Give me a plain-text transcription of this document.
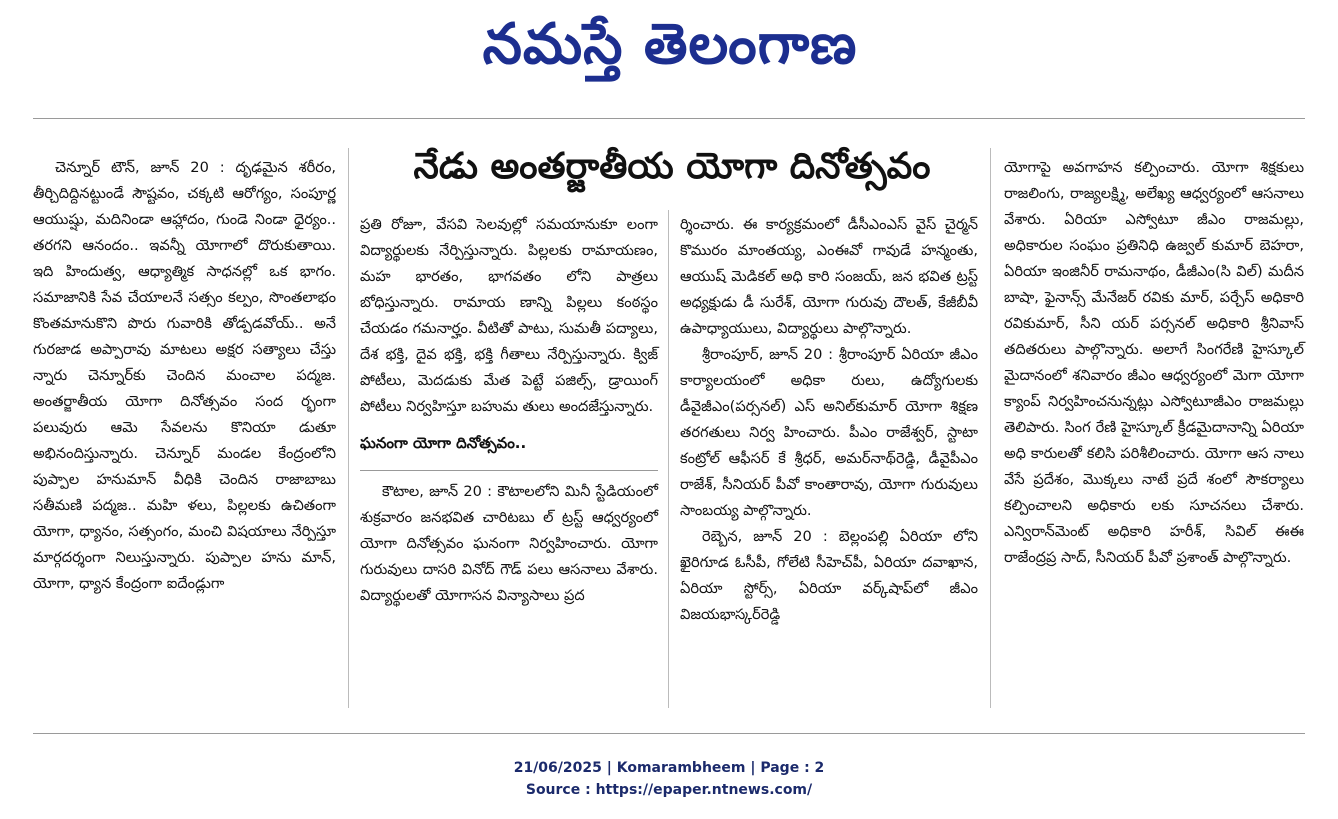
నమస్తే తెలంగాణ

చెన్నూర్ టౌన్, జూన్ 20 : దృఢమైన శరీరం, తీర్చిదిద్దినట్టుండే సౌష్టవం, చక్కటి ఆరోగ్యం, సంపూర్ణ ఆయుష్షు, మదినిండా ఆహ్లాదం, గుండె నిండా ధైర్యం.. తరగని ఆనందం.. ఇవన్నీ యోగాలో దొరుకుతాయి. ఇది హిందుత్వ, ఆధ్యాత్మిక సాధనల్లో ఒక భాగం. సమాజానికి సేవ చేయాలనే సత్సం కల్పం, సొంతలాభం కొంతమానుకొని పొరు గువారికి తోడ్పడవోయ్.. అనే గురజాడ అప్పారావు మాటలు అక్షర సత్యాలు చేస్తు న్నారు చెన్నూర్‌కు చెందిన మంచాల పద్మజ. అంతర్జాతీయ యోగా దినోత్సవం సంద ర్భంగా పలువురు ఆమె సేవలను కొనియా డుతూ అభినందిస్తున్నారు. చెన్నూర్ మండల కేంద్రంలోని పుప్పాల హనుమాన్ వీధికి చెందిన రాజాబాబు సతీమణి పద్మజ.. మహి ళలు, పిల్లలకు ఉచితంగా యోగా, ధ్యానం, సత్సంగం, మంచి విషయాలు నేర్పిస్తూ మార్గదర్శంగా నిలుస్తున్నారు. పుప్పాల హను మాన్, యోగా, ధ్యాన కేంద్రంగా ఐదేండ్లుగా

నేడు అంతర్జాతీయ యోగా దినోత్సవం

ప్రతి రోజూ, వేసవి సెలవుల్లో సమయానుకూ లంగా విద్యార్థులకు నేర్పిస్తున్నారు. పిల్లలకు రామాయణం, మహ భారతం, భాగవతం లోని పాత్రలు బోధిస్తున్నారు. రామాయ ణాన్ని పిల్లలు కంఠస్థం చేయడం గమనార్హం. వీటితో పాటు, సుమతీ పద్యాలు, దేశ భక్తి, దైవ భక్తి, భక్తి గీతాలు నేర్పిస్తున్నారు. క్విజ్ పోటీలు, మెదడుకు మేత పెట్టే పజిల్స్, డ్రాయింగ్ పోటీలు నిర్వహిస్తూ బహుమ తులు అందజేస్తున్నారు.

ఘనంగా యోగా దినోత్సవం..

కౌటాల, జూన్ 20 : కౌటాలలోని మినీ స్టేడియంలో శుక్రవారం జనభవిత చారిటబు ల్ ట్రస్ట్ ఆధ్వర్యంలో యోగా దినోత్సవం ఘనంగా నిర్వహించారు. యోగా గురువులు దాసరి వినోద్ గౌడ్ పలు ఆసనాలు వేశారు. విద్యార్థులతో యోగాసన విన్యాసాలు ప్రద

ర్శించారు. ఈ కార్యక్రమంలో డీసీఎంఎస్ వైస్ చైర్మన్ కొమురం మాంతయ్య, ఎంఈవో గావుడే హన్మంతు, ఆయుష్ మెడికల్ అధి కారి సంజయ్, జన భవిత ట్రస్ట్ అధ్యక్షుడు డీ సురేశ్, యోగా గురువు దౌలత్, కేజీబీవీ ఉపాధ్యాయులు, విద్యార్థులు పాల్గొన్నారు.

శ్రీరాంపూర్, జూన్ 20 : శ్రీరాంపూర్ ఏరియా జీఎం కార్యాలయంలో అధికా రులు, ఉద్యోగులకు డీవైజీఎం(పర్సనల్) ఎస్ అనిల్‌కుమార్ యోగా శిక్షణ తరగతులు నిర్వ హించారు. పీఎం రాజేశ్వర్, స్టాటా కంట్రోల్ ఆఫీసర్ కే శ్రీధర్, అమర్‌నాథ్‌రెడ్డి, డీవైపీఎం రాజేశ్, సీనియర్ పీవో కాంతారావు, యోగా గురువులు సాంబయ్య పాల్గొన్నారు.

రెబ్బెన, జూన్ 20 : బెల్లంపల్లి ఏరియా లోని ఖైరిగూడ ఓసీపీ, గోలేటి సీహెచ్‌పీ, ఏరియా దవాఖాన, ఏరియా స్టోర్స్, ఏరియా వర్క్‌షాప్‌లో జీఎం విజయభాస్కర్‌రెడ్డి

యోగాపై అవగాహన కల్పించారు. యోగా శిక్షకులు రాజలింగు, రాజ్యలక్ష్మి, అలేఖ్య ఆధ్వర్యంలో ఆసనాలు వేశారు. ఏరియా ఎస్వోటూ జీఎం రాజమల్లు, అధికారుల సంఘం ప్రతినిధి ఉజ్వల్ కుమార్ బెహరా, ఏరియా ఇంజినీర్ రామనాథం, డీజీఎం(సి విల్) మదీన బాషా, ఫైనాన్స్ మేనేజర్ రవికు మార్, పర్చేస్ అధికారి రవికుమార్, సీని యర్ పర్సనల్ అధికారి శ్రీనివాస్ తదితరులు పాల్గొన్నారు. అలాగే సింగరేణి హైస్కూల్ మైదానంలో శనివారం జీఎం ఆధ్వర్యంలో మెగా యోగా క్యాంప్ నిర్వహించనున్నట్లు ఎస్వోటూజీఎం రాజమల్లు తెలిపారు. సింగ రేణి హైస్కూల్ క్రీడమైదానాన్ని ఏరియా అధి కారులతో కలిసి పరిశీలించారు. యోగా ఆస నాలు వేసే ప్రదేశం, మొక్కలు నాటే ప్రదే శంలో సౌకర్యాలు కల్పించాలని అధికారు లకు సూచనలు చేశారు. ఎన్విరాన్‌మెంట్ అధికారి హరీశ్, సివిల్ ఈఈ రాజేంద్రప్ర సాద్, సీనియర్ పీవో ప్రశాంత్ పాల్గొన్నారు.

21/06/2025 | Komarambheem | Page : 2
Source : https://epaper.ntnews.com/
